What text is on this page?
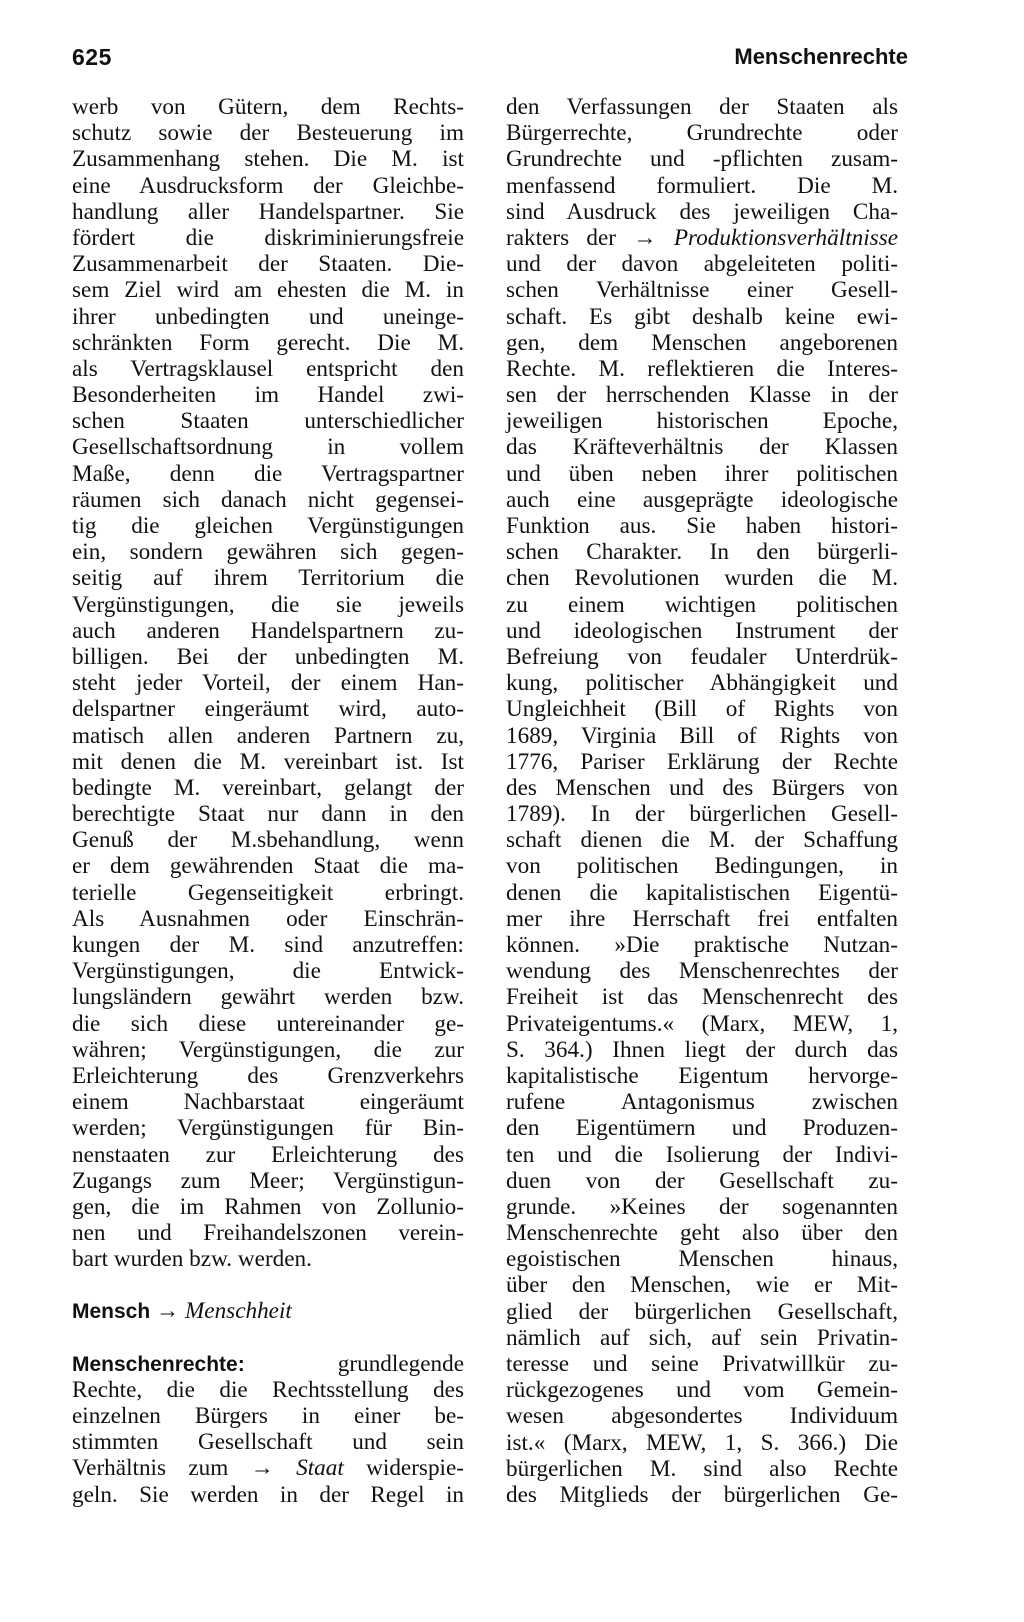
625	Menschenrechte
werb von Gütern, dem Rechts-
schutz sowie der Besteuerung im
Zusammenhang stehen. Die M. ist
eine Ausdrucksform der Gleichbe-
handlung aller Handelspartner. Sie
fördert die diskriminierungsfreie
Zusammenarbeit der Staaten. Die-
sem Ziel wird am ehesten die M. in
ihrer unbedingten und uneinge-
schränkten Form gerecht. Die M.
als Vertragsklausel entspricht den
Besonderheiten im Handel zwi-
schen Staaten unterschiedlicher
Gesellschaftsordnung in vollem
Maße, denn die Vertragspartner
räumen sich danach nicht gegensei-
tig die gleichen Vergünstigungen
ein, sondern gewähren sich gegen-
seitig auf ihrem Territorium die
Vergünstigungen, die sie jeweils
auch anderen Handelspartnern zu-
billigen. Bei der unbedingten M.
steht jeder Vorteil, der einem Han-
delspartner eingeräumt wird, auto-
matisch allen anderen Partnern zu,
mit denen die M. vereinbart ist. Ist
bedingte M. vereinbart, gelangt der
berechtigte Staat nur dann in den
Genuß der M.sbehandlung, wenn
er dem gewährenden Staat die ma-
terielle Gegenseitigkeit erbringt.
Als Ausnahmen oder Einschrän-
kungen der M. sind anzutreffen:
Vergünstigungen, die Entwick-
lungsländern gewährt werden bzw.
die sich diese untereinander ge-
währen; Vergünstigungen, die zur
Erleichterung des Grenzverkehrs
einem Nachbarstaat eingeräumt
werden; Vergünstigungen für Bin-
nenstaaten zur Erleichterung des
Zugangs zum Meer; Vergünstigun-
gen, die im Rahmen von Zollunio-
nen und Freihandelszonen verein-
bart wurden bzw. werden.
Mensch → Menschheit
Menschenrechte:	grundlegende
Rechte, die die Rechtsstellung des
einzelnen Bürgers in einer be-
stimmten Gesellschaft und sein
Verhältnis zum → Staat widerspie-
geln. Sie werden in der Regel in
den Verfassungen der Staaten als
Bürgerrechte, Grundrechte oder
Grundrechte und -pflichten zusam-
menfassend formuliert. Die M.
sind Ausdruck des jeweiligen Cha-
rakters der → Produktionsverhältnisse
und der davon abgeleiteten politi-
schen Verhältnisse einer Gesell-
schaft. Es gibt deshalb keine ewi-
gen, dem Menschen angeborenen
Rechte. M. reflektieren die Interes-
sen der herrschenden Klasse in der
jeweiligen historischen Epoche,
das Kräfteverhältnis der Klassen
und üben neben ihrer politischen
auch eine ausgeprägte ideologische
Funktion aus. Sie haben histori-
schen Charakter. In den bürgerli-
chen Revolutionen wurden die M.
zu einem wichtigen politischen
und ideologischen Instrument der
Befreiung von feudaler Unterdrük-
kung, politischer Abhängigkeit und
Ungleichheit (Bill of Rights von
1689, Virginia Bill of Rights von
1776, Pariser Erklärung der Rechte
des Menschen und des Bürgers von
1789). In der bürgerlichen Gesell-
schaft dienen die M. der Schaffung
von politischen Bedingungen, in
denen die kapitalistischen Eigentü-
mer ihre Herrschaft frei entfalten
können. »Die praktische Nutzan-
wendung des Menschenrechtes der
Freiheit ist das Menschenrecht des
Privateigentums.« (Marx, MEW, 1,
S. 364.) Ihnen liegt der durch das
kapitalistische Eigentum hervorge-
rufene Antagonismus zwischen
den Eigentümern und Produzen-
ten und die Isolierung der Indivi-
duen von der Gesellschaft zu-
grunde. »Keines der sogenannten
Menschenrechte geht also über den
egoistischen Menschen hinaus,
über den Menschen, wie er Mit-
glied der bürgerlichen Gesellschaft,
nämlich auf sich, auf sein Privatin-
teresse und seine Privatwillkür zu-
rückgezogenes und vom Gemein-
wesen abgesondertes Individuum
ist.« (Marx, MEW, 1, S. 366.) Die
bürgerlichen M. sind also Rechte
des Mitglieds der bürgerlichen Ge-
